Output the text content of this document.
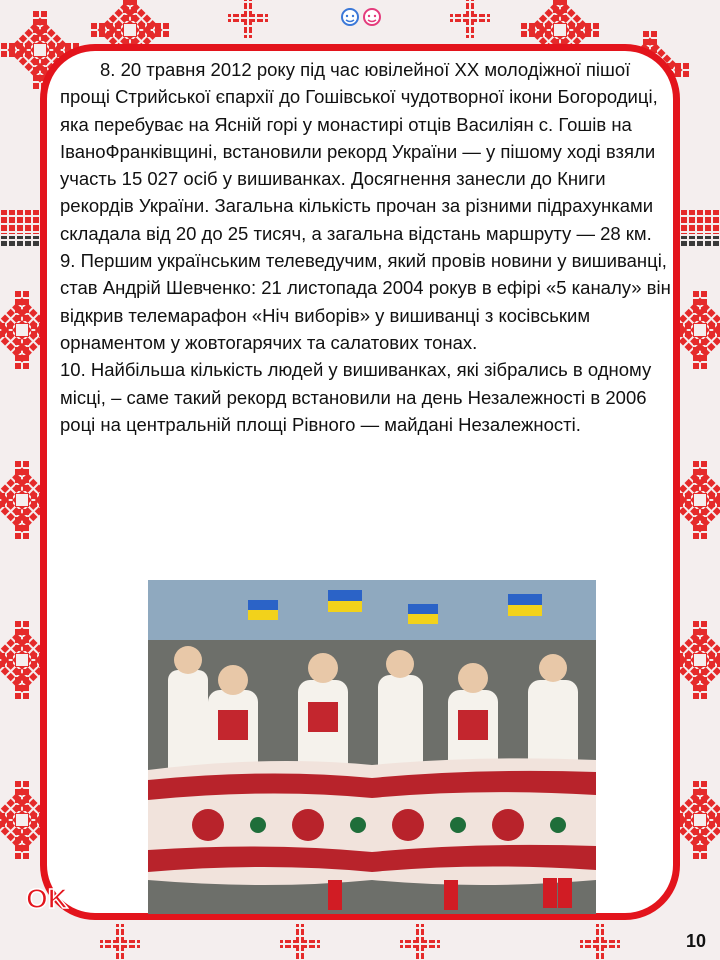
8. 20 травня 2012 року під час ювілейної XX молодіжної пішої прощі Стрийської єпархії до Гошівської чудотворної ікони Богородиці, яка перебуває на Ясній горі у монастирі отців Василіян с. Гошів на ІваноФранківщині, встановили рекорд України — у пішому ході взяли участь 15 027 осіб у вишиванках. Досягнення занесли до Книги рекордів України. Загальна кількість прочан за різними підрахунками складала від 20 до 25 тисяч, а загальна відстань маршруту — 28 км.

9. Першим українським телеведучим, який провів новини у вишиванці, став Андрій Шевченко: 21 листопада 2004 рокув в ефірі «5 каналу» він відкрив телемарафон «Ніч виборів» у вишиванці з косівським орнаментом у жовтогарячих та салатових тонах.

10. Найбільша кількість людей у вишиванках, які зібрались в одному місці, – саме такий рекорд встановили на день Незалежності в 2006 році на центральній площі Рівного — майдані Незалежності.

OK
10
